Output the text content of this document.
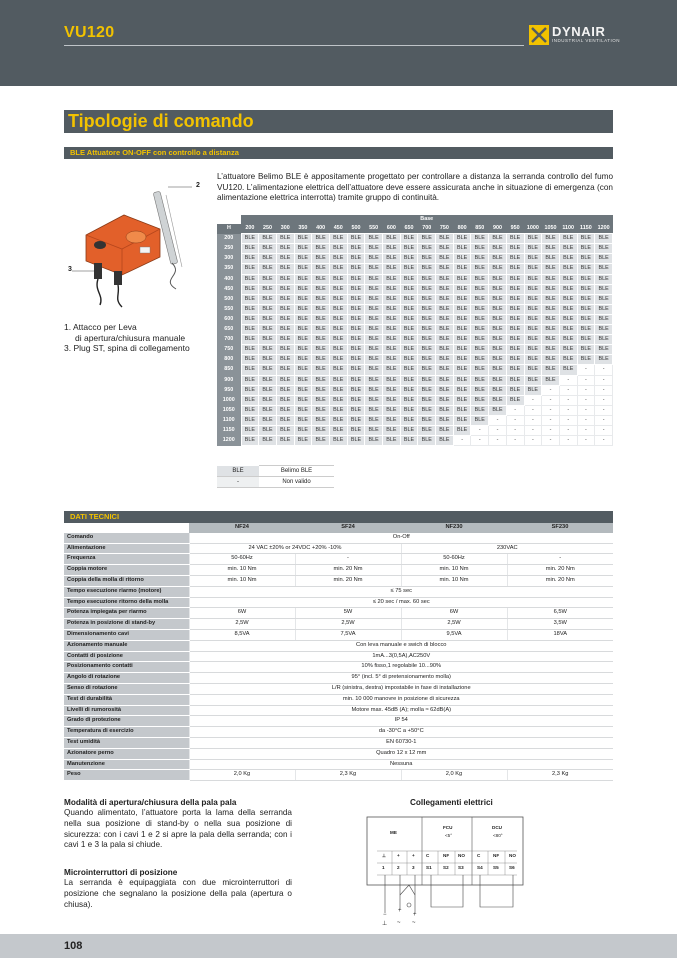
VU120	DYNAIR
INDUSTRIAL VENTILATION
Tipologie di comando
BLE Attuatore ON-OFF con controllo a distanza
2
3
1. Attacco per Leva
di apertura/chiusura manuale
3. Plug ST, spina di collegamento
L’attuatore Belimo BLE è appositamente progettato per controllare a distanza la serranda controllo del fumo VU120. L’alimentazione elettrica dell’attuatore deve essere assicurata anche in situazione di emergenza (con alimentazione elettrica interrotta) tramite gruppo di continuità.
	Base																				
H	200	250	300	350	400	450	500	550	600	650	700	750	800	850	900	950	1000	1050	1100	1150	1200
200	BLE	BLE	BLE	BLE	BLE	BLE	BLE	BLE	BLE	BLE	BLE	BLE	BLE	BLE	BLE	BLE	BLE	BLE	BLE	BLE	BLE
250	BLE	BLE	BLE	BLE	BLE	BLE	BLE	BLE	BLE	BLE	BLE	BLE	BLE	BLE	BLE	BLE	BLE	BLE	BLE	BLE	BLE
300	BLE	BLE	BLE	BLE	BLE	BLE	BLE	BLE	BLE	BLE	BLE	BLE	BLE	BLE	BLE	BLE	BLE	BLE	BLE	BLE	BLE
350	BLE	BLE	BLE	BLE	BLE	BLE	BLE	BLE	BLE	BLE	BLE	BLE	BLE	BLE	BLE	BLE	BLE	BLE	BLE	BLE	BLE
400	BLE	BLE	BLE	BLE	BLE	BLE	BLE	BLE	BLE	BLE	BLE	BLE	BLE	BLE	BLE	BLE	BLE	BLE	BLE	BLE	BLE
450	BLE	BLE	BLE	BLE	BLE	BLE	BLE	BLE	BLE	BLE	BLE	BLE	BLE	BLE	BLE	BLE	BLE	BLE	BLE	BLE	BLE
500	BLE	BLE	BLE	BLE	BLE	BLE	BLE	BLE	BLE	BLE	BLE	BLE	BLE	BLE	BLE	BLE	BLE	BLE	BLE	BLE	BLE
550	BLE	BLE	BLE	BLE	BLE	BLE	BLE	BLE	BLE	BLE	BLE	BLE	BLE	BLE	BLE	BLE	BLE	BLE	BLE	BLE	BLE
600	BLE	BLE	BLE	BLE	BLE	BLE	BLE	BLE	BLE	BLE	BLE	BLE	BLE	BLE	BLE	BLE	BLE	BLE	BLE	BLE	BLE
650	BLE	BLE	BLE	BLE	BLE	BLE	BLE	BLE	BLE	BLE	BLE	BLE	BLE	BLE	BLE	BLE	BLE	BLE	BLE	BLE	BLE
700	BLE	BLE	BLE	BLE	BLE	BLE	BLE	BLE	BLE	BLE	BLE	BLE	BLE	BLE	BLE	BLE	BLE	BLE	BLE	BLE	BLE
750	BLE	BLE	BLE	BLE	BLE	BLE	BLE	BLE	BLE	BLE	BLE	BLE	BLE	BLE	BLE	BLE	BLE	BLE	BLE	BLE	BLE
800	BLE	BLE	BLE	BLE	BLE	BLE	BLE	BLE	BLE	BLE	BLE	BLE	BLE	BLE	BLE	BLE	BLE	BLE	BLE	BLE	BLE
850	BLE	BLE	BLE	BLE	BLE	BLE	BLE	BLE	BLE	BLE	BLE	BLE	BLE	BLE	BLE	BLE	BLE	BLE	BLE	-	-
900	BLE	BLE	BLE	BLE	BLE	BLE	BLE	BLE	BLE	BLE	BLE	BLE	BLE	BLE	BLE	BLE	BLE	BLE	-	-	-
950	BLE	BLE	BLE	BLE	BLE	BLE	BLE	BLE	BLE	BLE	BLE	BLE	BLE	BLE	BLE	BLE	BLE	-	-	-	-
1000	BLE	BLE	BLE	BLE	BLE	BLE	BLE	BLE	BLE	BLE	BLE	BLE	BLE	BLE	BLE	BLE	-	-	-	-	-
1050	BLE	BLE	BLE	BLE	BLE	BLE	BLE	BLE	BLE	BLE	BLE	BLE	BLE	BLE	BLE	-	-	-	-	-	-
1100	BLE	BLE	BLE	BLE	BLE	BLE	BLE	BLE	BLE	BLE	BLE	BLE	BLE	BLE	-	-	-	-	-	-	-
1150	BLE	BLE	BLE	BLE	BLE	BLE	BLE	BLE	BLE	BLE	BLE	BLE	BLE	-	-	-	-	-	-	-	-
1200	BLE	BLE	BLE	BLE	BLE	BLE	BLE	BLE	BLE	BLE	BLE	BLE	-	-	-	-	-	-	-	-	-
BLE	Belimo BLE
-	Non valido
DATI TECNICI
	NF24	SF24	NF230	SF230
Comando	On-Off			
Alimentazione	24 VAC ±20% or 24VDC +20% -10%		230VAC	
Frequenza	50-60Hz	-	50-60Hz	-
Coppia motore	min. 10 Nm	min. 20 Nm	min. 10 Nm	min. 20 Nm
Coppia della molla di ritorno	min. 10 Nm	min. 20 Nm	min. 10 Nm	min. 20 Nm
Tempo esecuzione riarmo (motore)	≤ 75 sec			
Tempo esecuzione ritorno della molla	≤ 20 sec / max. 60 sec			
Potenza impiegata per riarmo	6W	5W	6W	6,5W
Potenza in posizione di stand-by	2,5W	2,5W	2,5W	3,5W
Dimensionamento cavi	8,5VA	7,5VA	9,5VA	18VA
Azionamento manuale	Con leva manuale e swich di blocco			
Contatti di posizione	1mA...3(0,5A),AC250V			
Posizionamento contatti	10% fisso,1 regolabile 10...90%			
Angolo di rotazione	95° (incl. 5° di pretensionamento molla)			
Senso di rotazione	L/R (sinistra, destra) impostabile in fase di installazione			
Test di durabilità	min. 10 000 manovre in posizione di sicurezza			
Livelli di rumorosità	Motore max. 45dB (A); molla ≈ 62dB(A)			
Grado di protezione	IP 54			
Temperatura di esercizio	da -30°C a +50°C			
Test umidità	EN 60730-1			
Azionatore perno	Quadro 12 x 12 mm			
Manutenzione	Nessuna			
Peso	2,0 Kg	2,3 Kg	2,0 Kg	2,3 Kg
Modalità di apertura/chiusura della pala pala
Quando alimentato, l’attuatore porta la lama della serranda nella sua posizione di stand-by o nella sua posizione di sicurezza: con i cavi 1 e 2 si apre la pala della serranda; con i cavi 1 e 3 la pala si chiude.
Microinterruttori di posizione
La serranda è equipaggiata con due microinterruttori di posizione che segnalano la posizione della pala (apertura o chiusa).
Collegamenti elettrici
ME
FCU
<5°
DCU
<80°
⊥ +	+ C	NF NO	C	NF NO
1	2	3 S1 S2 S3	S4 S5 S6
−
+
+
⊥ ~ ~
108
